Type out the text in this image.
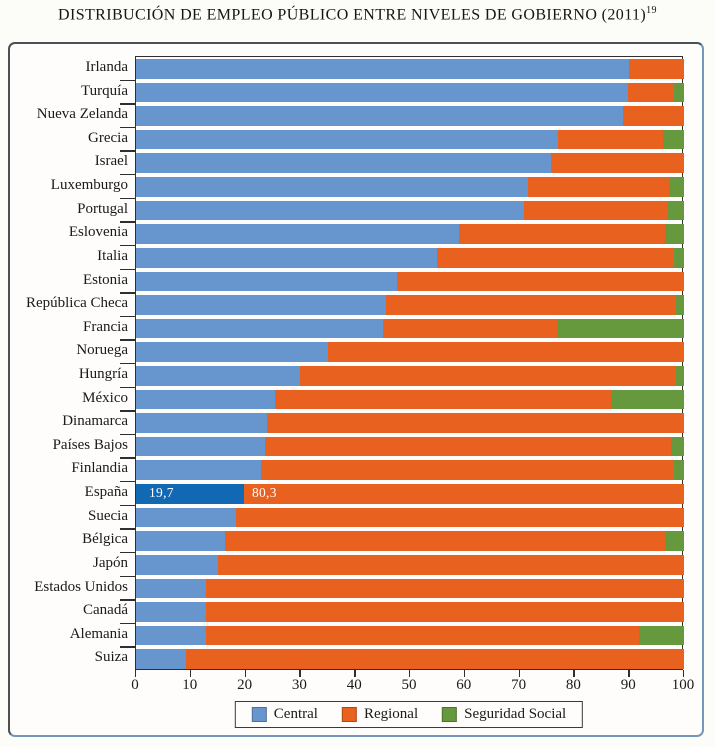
DISTRIBUCIÓN DE EMPLEO PÚBLICO ENTRE NIVELES DE GOBIERNO $(2011)^{19}$
19,7	80,3
Irlanda
Turquía
Nueva Zelanda
Grecia
Israel
Luxemburgo
Portugal
Eslovenia
Italia
Estonia
República Checa
Francia
Noruega
Hungría
México
Dinamarca
Países Bajos
Finlandia
España
Suecia
Bélgica
Japón
Estados Unidos
Canadá
Alemania
Suiza
0	10	20	30	40	50	60	70	80	90	100
Central	Regional	Seguridad Social
